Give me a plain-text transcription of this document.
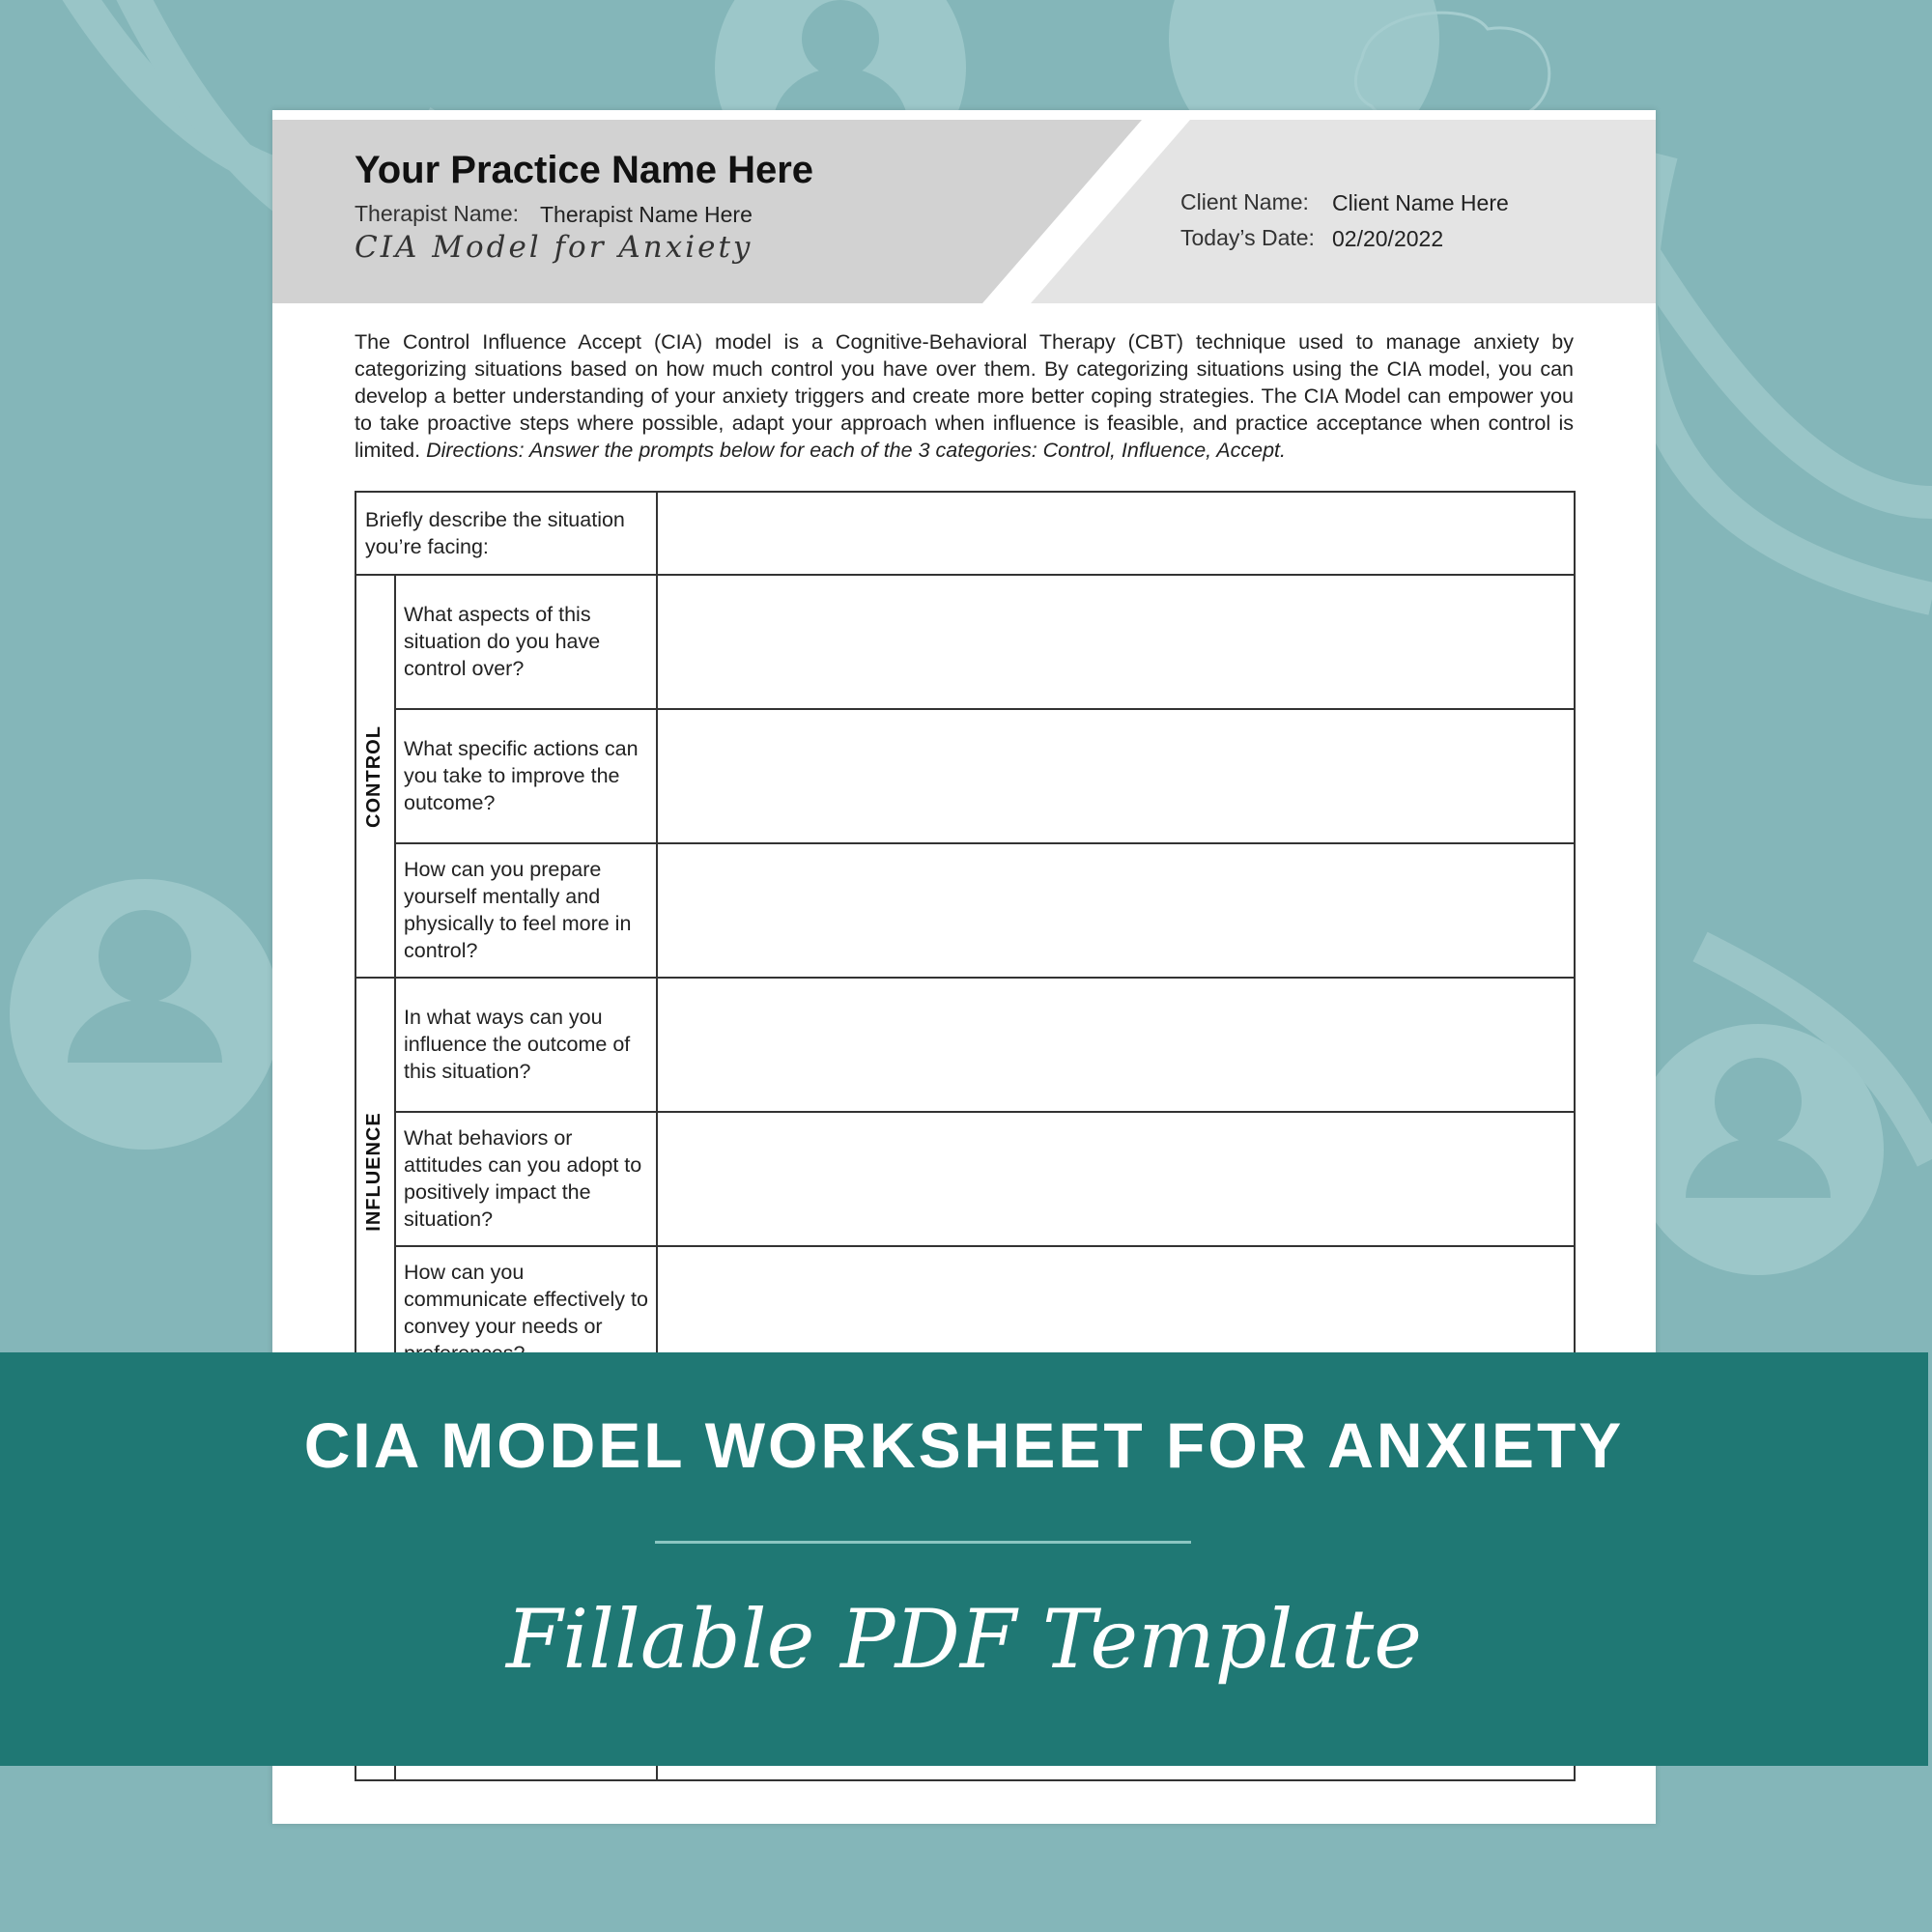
Your Practice Name Here
Therapist Name: Therapist Name Here
CIA Model for Anxiety
Client Name: Client Name Here
Today’s Date: 02/20/2022
The Control Influence Accept (CIA) model is a Cognitive-Behavioral Therapy (CBT) technique used to manage anxiety by categorizing situations based on how much control you have over them. By categorizing situations using the CIA model, you can develop a better understanding of your anxiety triggers and create more better coping strategies. The CIA Model can empower you to take proactive steps where possible, adapt your approach when influence is feasible, and practice acceptance when control is limited. Directions: Answer the prompts below for each of the 3 categories: Control, Influence, Accept.
Briefly describe the situation you’re facing:
CONTROL
What aspects of this situation do you have control over?
What specific actions can you take to improve the outcome?
How can you prepare yourself mentally and physically to feel more in control?
INFLUENCE
In what ways can you influence the outcome of this situation?
What behaviors or attitudes can you adopt to positively impact the situation?
How can you communicate effectively to convey your needs or
CIA MODEL WORKSHEET FOR ANXIETY
Fillable PDF Template
